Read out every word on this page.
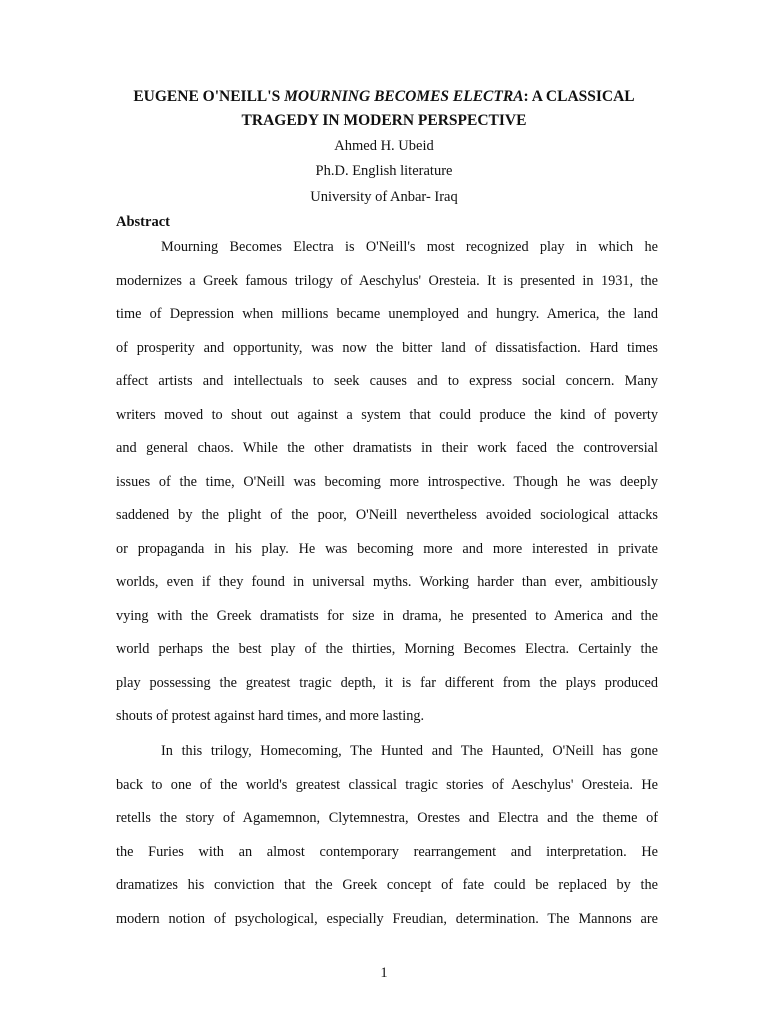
EUGENE O'NEILL'S MOURNING BECOMES ELECTRA: A CLASSICAL

TRAGEDY IN MODERN PERSPECTIVE

Ahmed H. Ubeid

Ph.D. English literature

University of Anbar- Iraq

Abstract

Mourning Becomes Electra is O'Neill's most recognized play in which he

modernizes a Greek famous trilogy of Aeschylus' Oresteia. It is presented in 1931, the

time of Depression when millions became unemployed and hungry. America, the land

of prosperity and opportunity, was now the bitter land of dissatisfaction. Hard times

affect artists and intellectuals to seek causes and to express social concern. Many

writers moved to shout out against a system that could produce the kind of poverty

and general chaos. While the other dramatists in their work faced the controversial

issues of the time, O'Neill was becoming more introspective. Though he was deeply

saddened by the plight of the poor, O'Neill nevertheless avoided sociological attacks

or propaganda in his play. He was becoming more and more interested in private

worlds, even if they found in universal myths. Working harder than ever, ambitiously

vying with the Greek dramatists for size in drama, he presented to America and the

world perhaps the best play of the thirties, Morning Becomes Electra. Certainly the

play possessing the greatest tragic depth, it is far different from the plays produced

shouts of protest against hard times, and more lasting.

In this trilogy, Homecoming, The Hunted and The Haunted, O'Neill has gone

back to one of the world's greatest classical tragic stories of Aeschylus' Oresteia. He

retells the story of Agamemnon, Clytemnestra, Orestes and Electra and the theme of

the Furies with an almost contemporary rearrangement and interpretation. He

dramatizes his conviction that the Greek concept of fate could be replaced by the

modern notion of psychological, especially Freudian, determination. The Mannons are

1
